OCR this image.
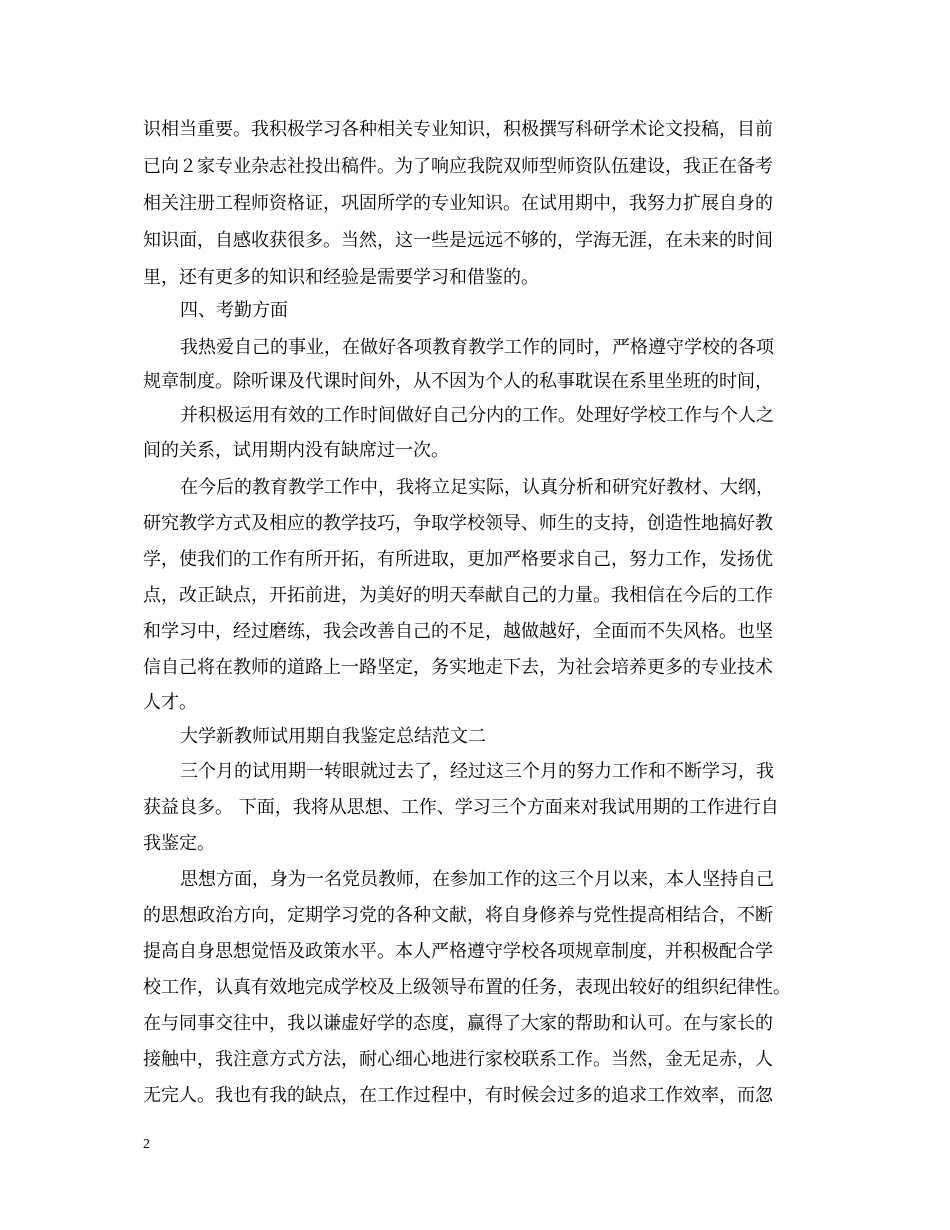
识相当重要。我积极学习各种相关专业知识，积极撰写科研学术论文投稿，目前
已向２家专业杂志社投出稿件。为了响应我院双师型师资队伍建设，我正在备考
相关注册工程师资格证，巩固所学的专业知识。在试用期中，我努力扩展自身的
知识面，自感收获很多。当然，这一些是远远不够的，学海无涯，在未来的时间
里，还有更多的知识和经验是需要学习和借鉴的。
四、考勤方面
我热爱自己的事业，在做好各项教育教学工作的同时，严格遵守学校的各项
规章制度。除听课及代课时间外，从不因为个人的私事耽误在系里坐班的时间，
并积极运用有效的工作时间做好自己分内的工作。处理好学校工作与个人之
间的关系，试用期内没有缺席过一次。
在今后的教育教学工作中，我将立足实际，认真分析和研究好教材、大纲，
研究教学方式及相应的教学技巧，争取学校领导、师生的支持，创造性地搞好教
学，使我们的工作有所开拓，有所进取，更加严格要求自己，努力工作，发扬优
点，改正缺点，开拓前进，为美好的明天奉献自己的力量。我相信在今后的工作
和学习中，经过磨练，我会改善自己的不足，越做越好，全面而不失风格。也坚
信自己将在教师的道路上一路坚定，务实地走下去，为社会培养更多的专业技术
人才。
大学新教师试用期自我鉴定总结范文二
三个月的试用期一转眼就过去了，经过这三个月的努力工作和不断学习，我
获益良多。 下面，我将从思想、工作、学习三个方面来对我试用期的工作进行自
我鉴定。
思想方面，身为一名党员教师，在参加工作的这三个月以来，本人坚持自己
的思想政治方向，定期学习党的各种文献，将自身修养与党性提高相结合，不断
提高自身思想觉悟及政策水平。本人严格遵守学校各项规章制度，并积极配合学
校工作，认真有效地完成学校及上级领导布置的任务，表现出较好的组织纪律性。
在与同事交往中，我以谦虚好学的态度，赢得了大家的帮助和认可。在与家长的
接触中，我注意方式方法，耐心细心地进行家校联系工作。当然，金无足赤，人
无完人。我也有我的缺点，在工作过程中，有时候会过多的追求工作效率，而忽
2
